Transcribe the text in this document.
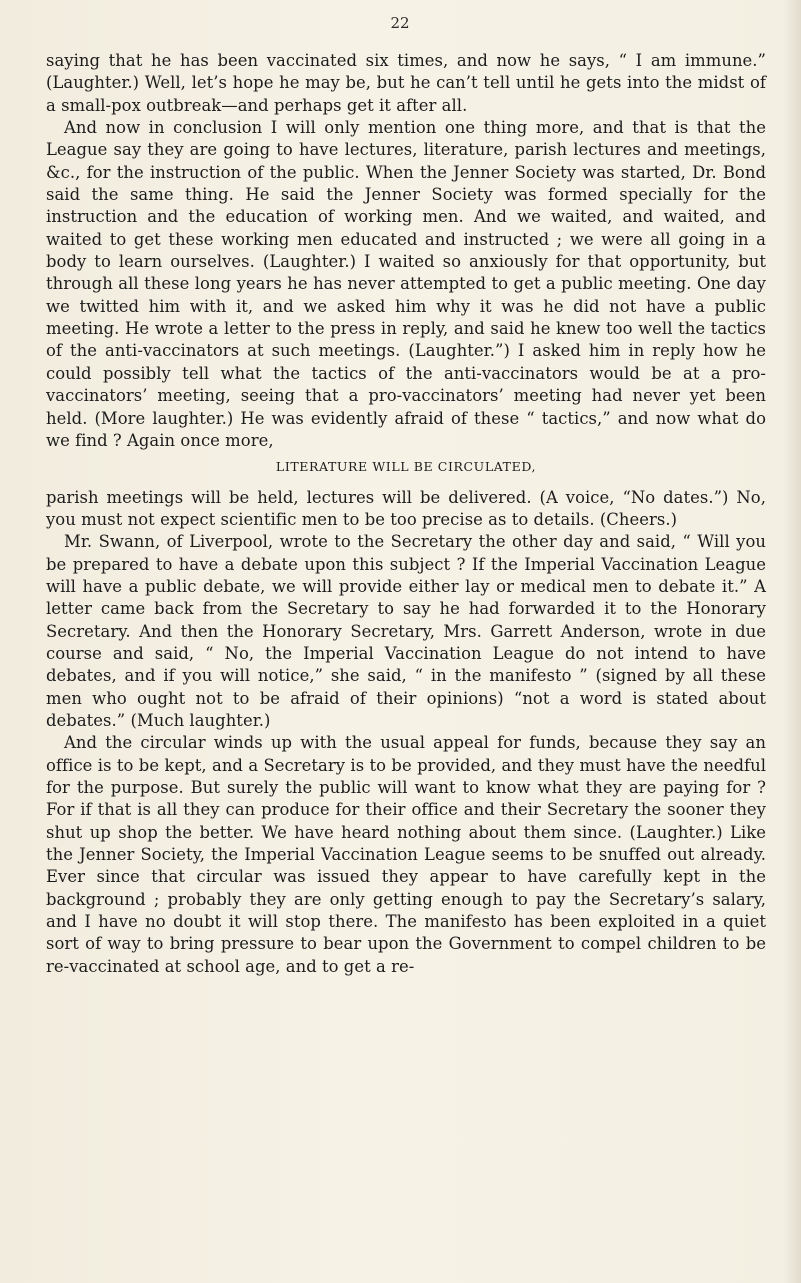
22

saying that he has been vaccinated six times, and now he says, “ I am immune.” (Laughter.) Well, let’s hope he may be, but he can’t tell until he gets into the midst of a small-pox outbreak—and perhaps get it after all.

And now in conclusion I will only mention one thing more, and that is that the League say they are going to have lectures, literature, parish lectures and meetings, &c., for the instruction of the public. When the Jenner Society was started, Dr. Bond said the same thing. He said the Jenner Society was formed specially for the instruction and the education of working men. And we waited, and waited, and waited to get these working men educated and instructed ; we were all going in a body to learn ourselves. (Laughter.) I waited so anxiously for that opportunity, but through all these long years he has never attempted to get a public meeting. One day we twitted him with it, and we asked him why it was he did not have a public meeting. He wrote a letter to the press in reply, and said he knew too well the tactics of the anti-vaccinators at such meetings. (Laughter.”) I asked him in reply how he could possibly tell what the tactics of the anti-vaccinators would be at a pro-vaccinators’ meeting, seeing that a pro-vaccinators’ meeting had never yet been held. (More laughter.) He was evidently afraid of these “ tactics,” and now what do we find ? Again once more,

LITERATURE WILL BE CIRCULATED,

parish meetings will be held, lectures will be delivered. (A voice, “No dates.”) No, you must not expect scientific men to be too precise as to details. (Cheers.)

Mr. Swann, of Liverpool, wrote to the Secretary the other day and said, “ Will you be prepared to have a debate upon this subject ? If the Imperial Vaccination League will have a public debate, we will provide either lay or medical men to debate it.” A letter came back from the Secretary to say he had forwarded it to the Honorary Secretary. And then the Honorary Secretary, Mrs. Garrett Anderson, wrote in due course and said, “ No, the Imperial Vaccination League do not intend to have debates, and if you will notice,” she said, “ in the manifesto ” (signed by all these men who ought not to be afraid of their opinions) “not a word is stated about debates.” (Much laughter.)

And the circular winds up with the usual appeal for funds, because they say an office is to be kept, and a Secretary is to be provided, and they must have the needful for the purpose. But surely the public will want to know what they are paying for ? For if that is all they can produce for their office and their Secretary the sooner they shut up shop the better. We have heard nothing about them since. (Laughter.) Like the Jenner Society, the Imperial Vaccination League seems to be snuffed out already. Ever since that circular was issued they appear to have carefully kept in the background ; probably they are only getting enough to pay the Secretary’s salary, and I have no doubt it will stop there. The manifesto has been exploited in a quiet sort of way to bring pressure to bear upon the Government to compel children to be re-vaccinated at school age, and to get a re-
